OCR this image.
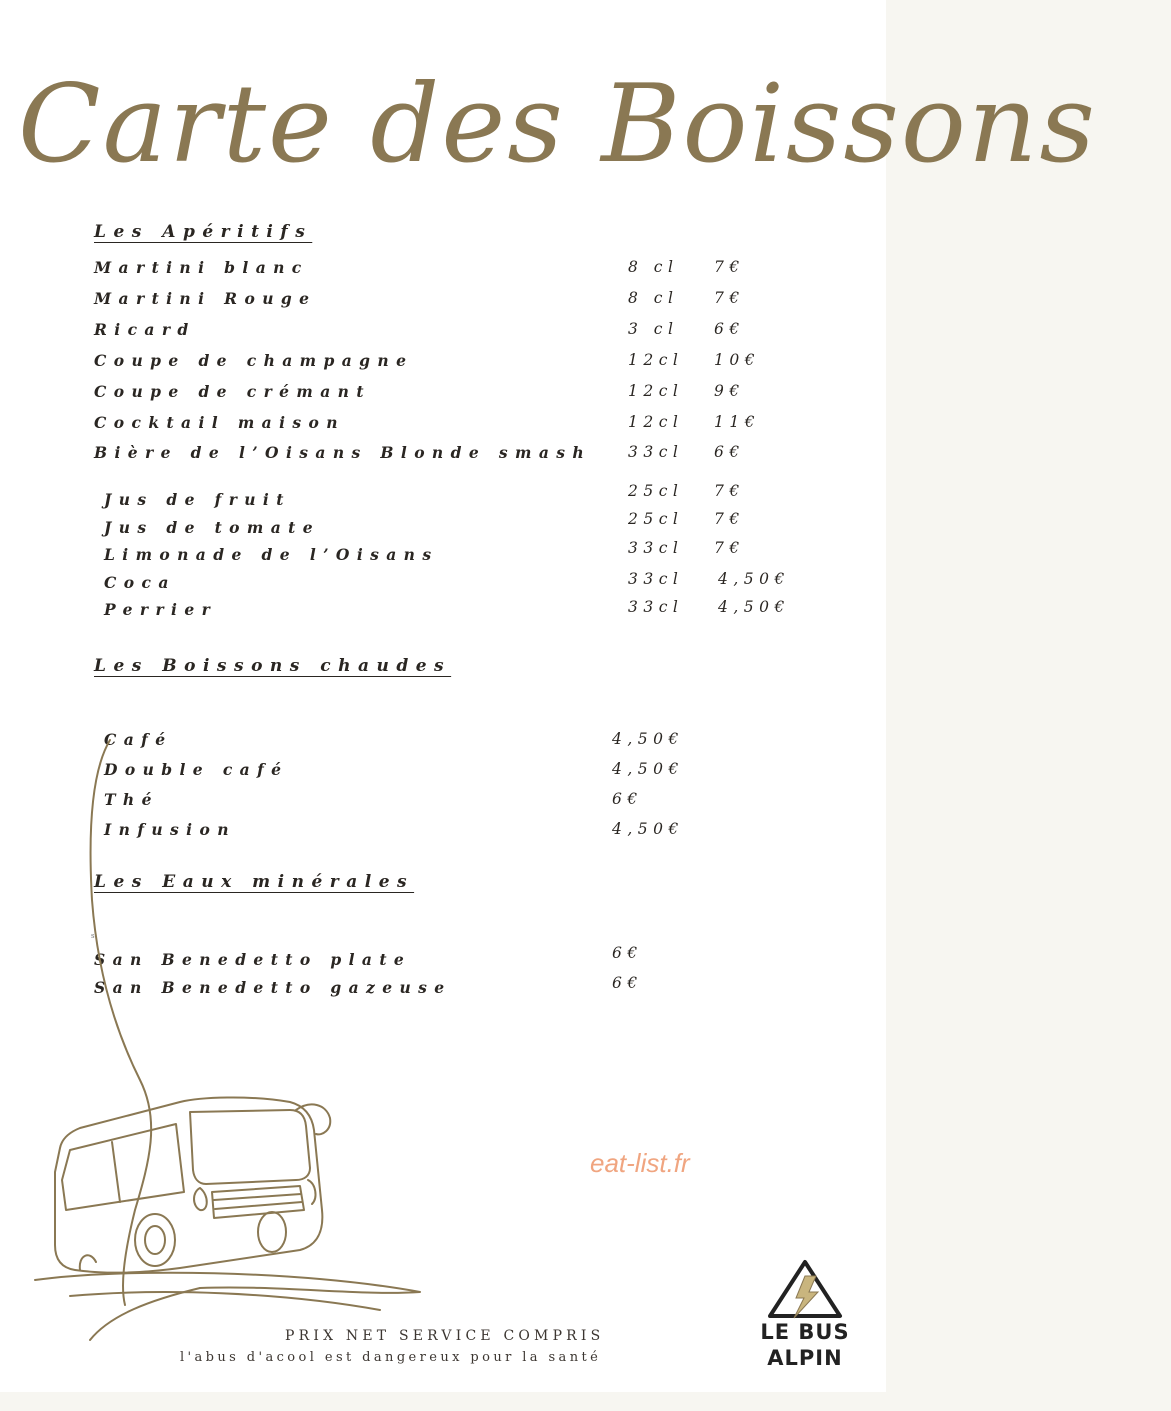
Carte des Boissons
Les Apéritifs
Martini blanc	8 cl 7€
Martini Rouge	8 cl 7€
Ricard	3 cl 6€
Coupe de champagne	12cl 10€
Coupe de crémant	12cl 9€
Cocktail maison	12cl 11€
Bière de l’Oisans Blonde smash 33cl 6€
Jus de fruit	25cl 7€
Jus de tomate	25cl 7€
Limonade de l’Oisans	33cl 7€
Coca	33cl 4,50€
Perrier	33cl 4,50€
Les Boissons chaudes
Café	4,50€
Double café	4,50€
Thé	6€
Infusion	4,50€
Les Eaux minérales
s
San Benedetto plate	6€
San Benedetto gazeuse	6€
eat-list.fr
PRIX NET SERVICE COMPRIS
l'abus d'acool est dangereux pour la santé
LE BUS
ALPIN
